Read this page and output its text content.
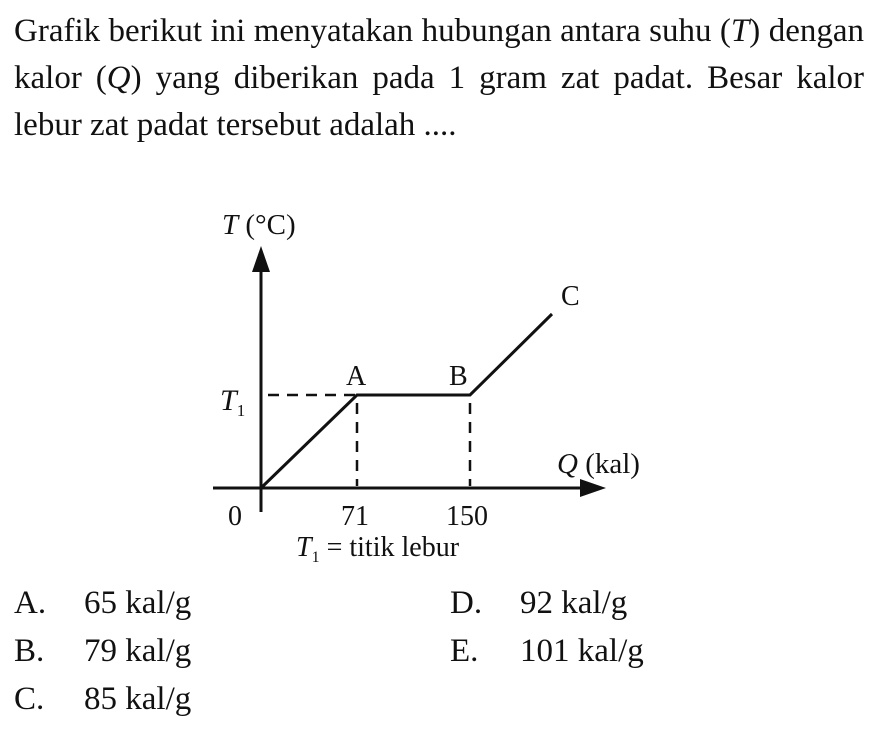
Grafik berikut ini menyatakan hubungan antara suhu (T) dengan kalor (Q) yang diberikan pada 1 gram zat padat. Besar kalor lebur zat padat tersebut adalah ....
T (°C)
Q (kal)
$T_1$
0	71	150
A	B
C
$T_1$ = titik lebur
A. 65 kal/g
B. 79 kal/g
C. 85 kal/g
D. 92 kal/g
E. 101 kal/g
